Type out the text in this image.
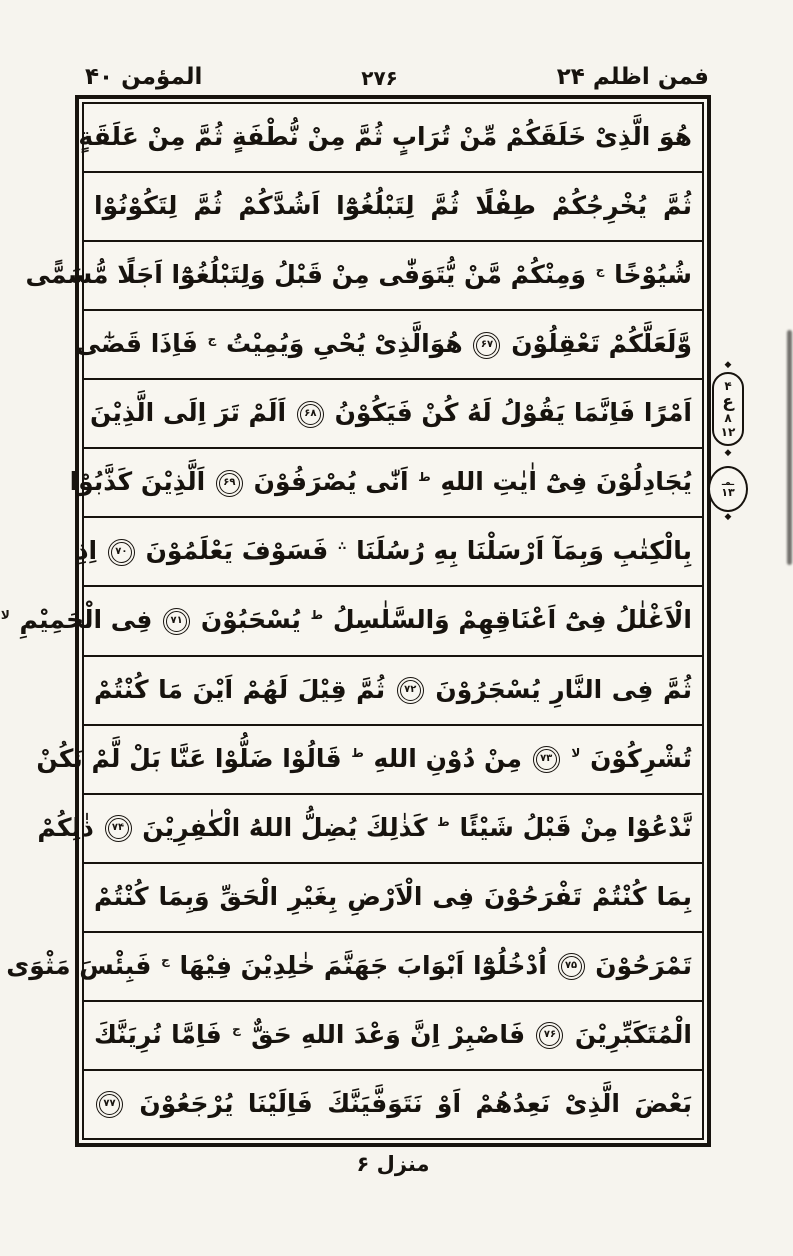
فمن اظلم ۲۴
۲۷۶
المؤمن ۴۰
هُوَ الَّذِىْ خَلَقَكُمْ مِّنْ تُرَابٍ ثُمَّ مِنْ نُّطْفَةٍ ثُمَّ مِنْ عَلَقَةٍ
ثُمَّ يُخْرِجُكُمْ طِفْلًا ثُمَّ لِتَبْلُغُوْٓا اَشُدَّكُمْ ثُمَّ لِتَكُوْنُوْا
شُيُوْخًا ج وَمِنْكُمْ مَّنْ يُّتَوَفّٰى مِنْ قَبْلُ وَلِتَبْلُغُوْٓا اَجَلًا مُّسَمًّى
وَّلَعَلَّكُمْ تَعْقِلُوْنَ ۶۷ هُوَالَّذِىْ يُحْىِ وَيُمِيْتُ ج فَاِذَا قَضٰٓى
اَمْرًا فَاِنَّمَا يَقُوْلُ لَهُ كُنْ فَيَكُوْنُ ۶۸ اَلَمْ تَرَ اِلَى الَّذِيْنَ
يُجَادِلُوْنَ فِىْٓ اٰيٰتِ اللهِ ط اَنّٰى يُصْرَفُوْنَ ۶۹ اَلَّذِيْنَ كَذَّبُوْا
بِالْكِتٰبِ وَبِمَآ اَرْسَلْنَا بِهِ رُسُلَنَا ∴ فَسَوْفَ يَعْلَمُوْنَ ۷۰ اِذِ
الْاَغْلٰلُ فِىْٓ اَعْنَاقِهِمْ وَالسَّلٰسِلُ ط يُسْحَبُوْنَ ۷۱ فِى الْحَمِيْمِ لا
ثُمَّ فِى النَّارِ يُسْجَرُوْنَ ۷۲ ثُمَّ قِيْلَ لَهُمْ اَيْنَ مَا كُنْتُمْ
تُشْرِكُوْنَ لا ۷۳ مِنْ دُوْنِ اللهِ ط قَالُوْا ضَلُّوْا عَنَّا بَلْ لَّمْ نَكُنْ
نَّدْعُوْا مِنْ قَبْلُ شَيْئًا ط كَذٰلِكَ يُضِلُّ اللهُ الْكٰفِرِيْنَ ۷۴ ذٰلِكُمْ
بِمَا كُنْتُمْ تَفْرَحُوْنَ فِى الْاَرْضِ بِغَيْرِ الْحَقِّ وَبِمَا كُنْتُمْ
تَمْرَحُوْنَ ۷۵ اُدْخُلُوْٓا اَبْوَابَ جَهَنَّمَ خٰلِدِيْنَ فِيْهَا ج فَبِئْسَ مَثْوَى
الْمُتَكَبِّرِيْنَ ۷۶ فَاصْبِرْ اِنَّ وَعْدَ اللهِ حَقٌّ ج فَاِمَّا نُرِيَنَّكَ
بَعْضَ الَّذِىْ نَعِدُهُمْ اَوْ نَتَوَفَّيَنَّكَ فَاِلَيْنَا يُرْجَعُوْنَ ۷۷
◆
۴
ع
۸
۱۲
◆
ـمـ
۱۳
◆
منزل ۶
